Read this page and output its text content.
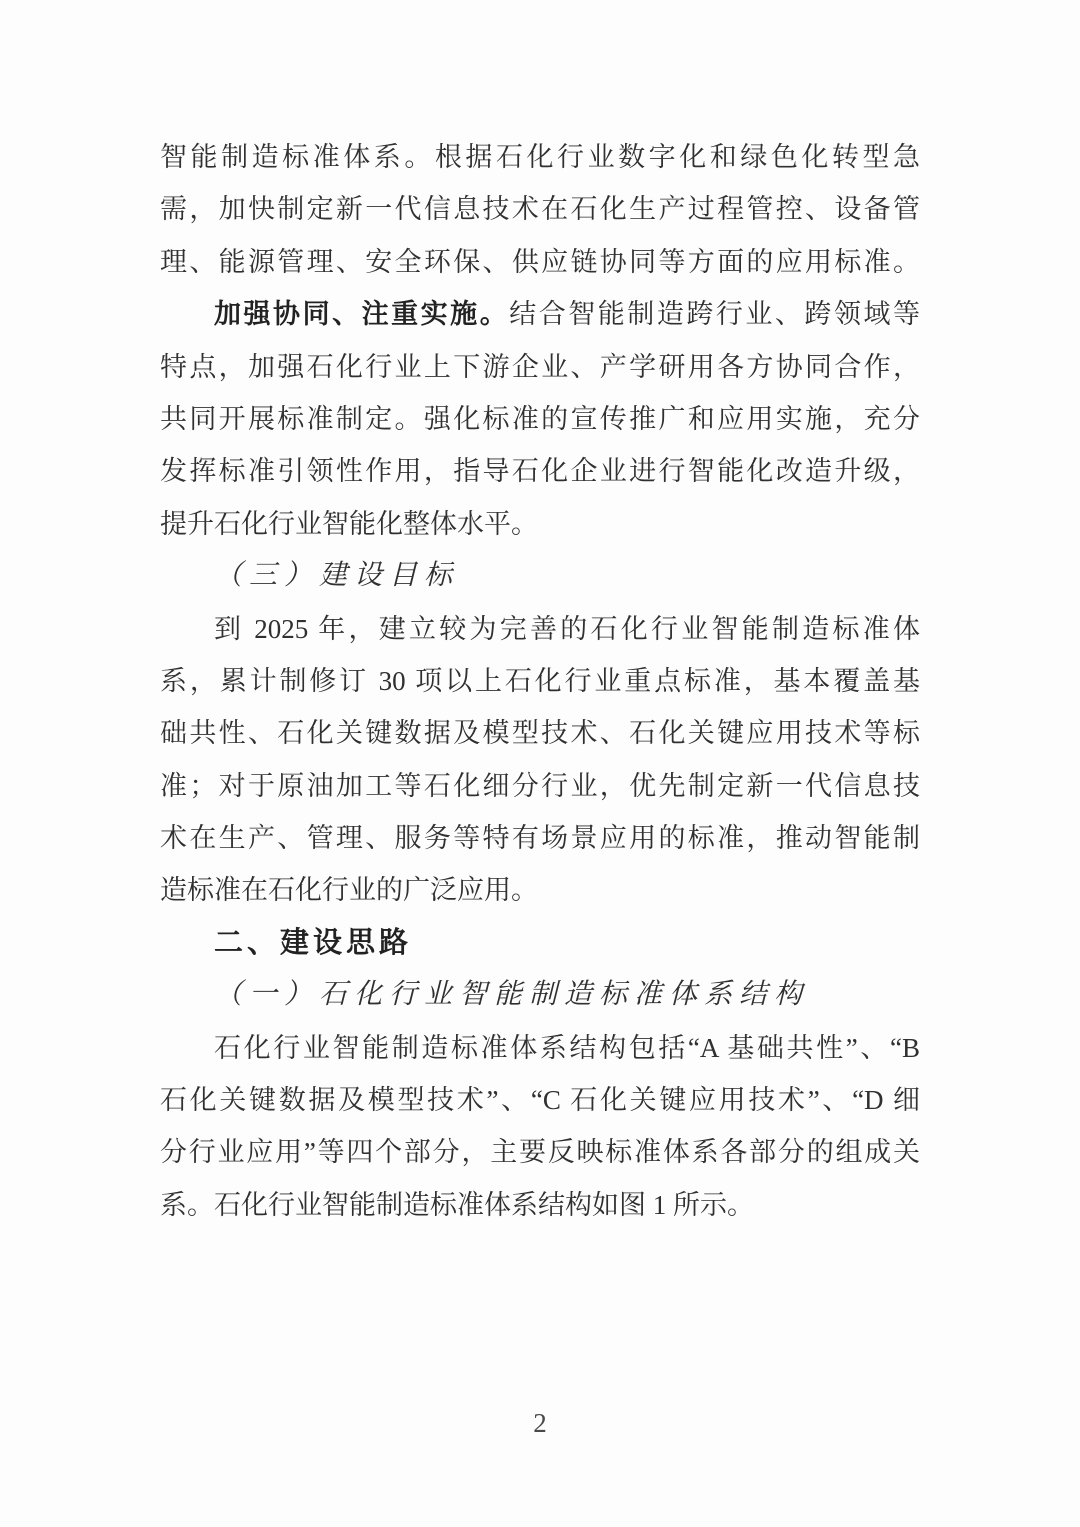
智能制造标准体系。根据石化行业数字化和绿色化转型急
需，加快制定新一代信息技术在石化生产过程管控、设备管
理、能源管理、安全环保、供应链协同等方面的应用标准。
加强协同、注重实施。结合智能制造跨行业、跨领域等
特点，加强石化行业上下游企业、产学研用各方协同合作，
共同开展标准制定。强化标准的宣传推广和应用实施，充分
发挥标准引领性作用，指导石化企业进行智能化改造升级，
提升石化行业智能化整体水平。
（三）建设目标
到 2025 年，建立较为完善的石化行业智能制造标准体
系，累计制修订 30 项以上石化行业重点标准，基本覆盖基
础共性、石化关键数据及模型技术、石化关键应用技术等标
准；对于原油加工等石化细分行业，优先制定新一代信息技
术在生产、管理、服务等特有场景应用的标准，推动智能制
造标准在石化行业的广泛应用。
二、建设思路
（一）石化行业智能制造标准体系结构
石化行业智能制造标准体系结构包括“A 基础共性”、“B
石化关键数据及模型技术”、“C 石化关键应用技术”、“D 细
分行业应用”等四个部分，主要反映标准体系各部分的组成关
系。石化行业智能制造标准体系结构如图 1 所示。
2
